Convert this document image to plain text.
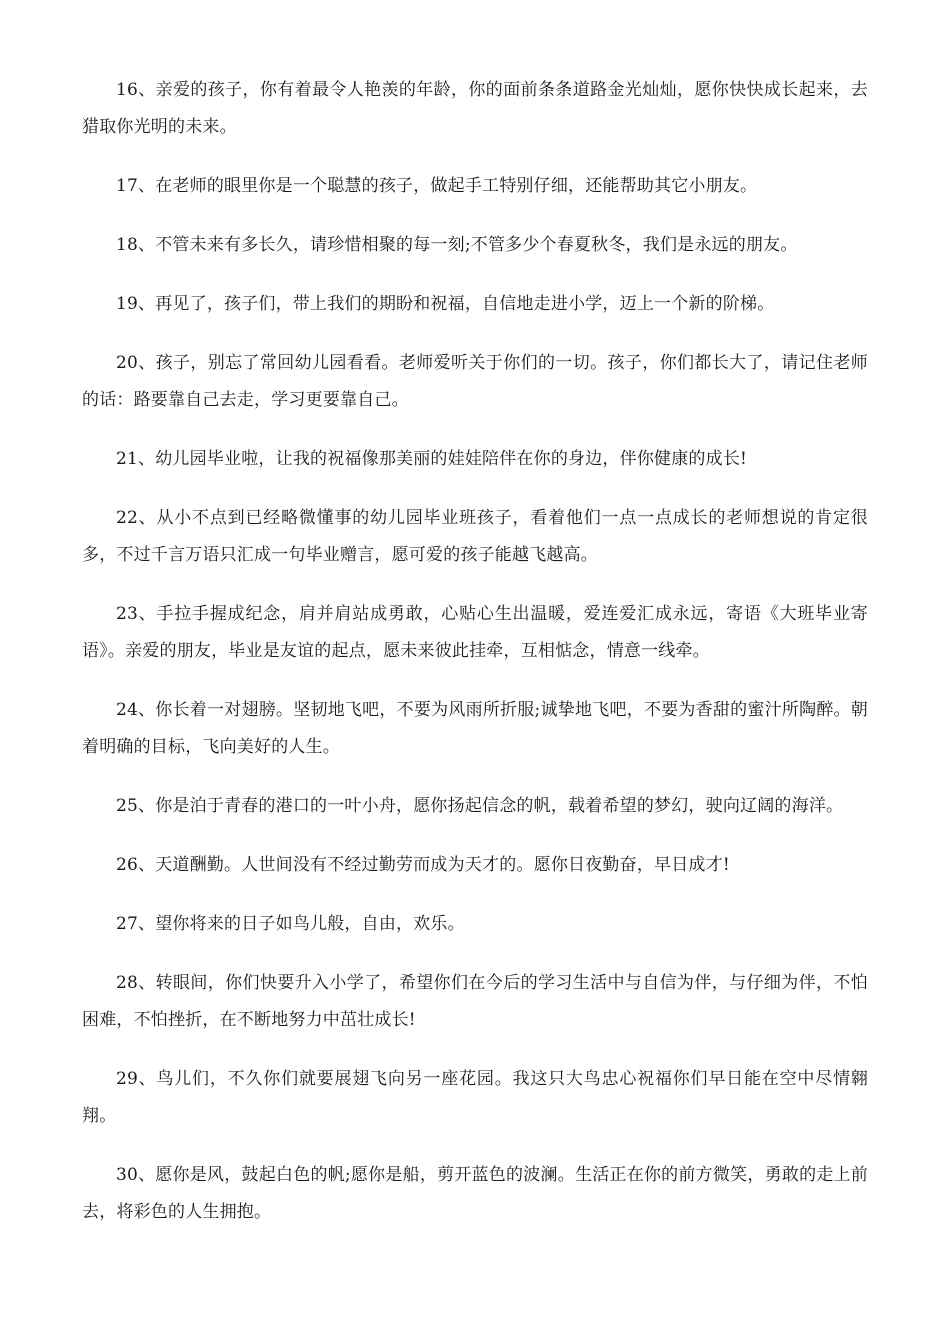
16、亲爱的孩子，你有着最令人艳羡的年龄，你的面前条条道路金光灿灿，愿你快快成长起来，去猎取你光明的未来。

17、在老师的眼里你是一个聪慧的孩子，做起手工特别仔细，还能帮助其它小朋友。

18、不管未来有多长久，请珍惜相聚的每一刻;不管多少个春夏秋冬，我们是永远的朋友。

19、再见了，孩子们，带上我们的期盼和祝福，自信地走进小学，迈上一个新的阶梯。

20、孩子，别忘了常回幼儿园看看。老师爱听关于你们的一切。孩子，你们都长大了，请记住老师的话：路要靠自己去走，学习更要靠自己。

21、幼儿园毕业啦，让我的祝福像那美丽的娃娃陪伴在你的身边，伴你健康的成长!

22、从小不点到已经略微懂事的幼儿园毕业班孩子，看着他们一点一点成长的老师想说的肯定很多，不过千言万语只汇成一句毕业赠言，愿可爱的孩子能越飞越高。

23、手拉手握成纪念，肩并肩站成勇敢，心贴心生出温暖，爱连爱汇成永远，寄语《大班毕业寄语》。亲爱的朋友，毕业是友谊的起点，愿未来彼此挂牵，互相惦念，情意一线牵。

24、你长着一对翅膀。坚韧地飞吧，不要为风雨所折服;诚挚地飞吧，不要为香甜的蜜汁所陶醉。朝着明确的目标，飞向美好的人生。

25、你是泊于青春的港口的一叶小舟，愿你扬起信念的帆，载着希望的梦幻，驶向辽阔的海洋。

26、天道酬勤。人世间没有不经过勤劳而成为天才的。愿你日夜勤奋，早日成才!

27、望你将来的日子如鸟儿般，自由，欢乐。

28、转眼间，你们快要升入小学了，希望你们在今后的学习生活中与自信为伴，与仔细为伴，不怕困难，不怕挫折，在不断地努力中茁壮成长!

29、鸟儿们，不久你们就要展翅飞向另一座花园。我这只大鸟忠心祝福你们早日能在空中尽情翱翔。

30、愿你是风，鼓起白色的帆;愿你是船，剪开蓝色的波澜。生活正在你的前方微笑，勇敢的走上前去，将彩色的人生拥抱。
